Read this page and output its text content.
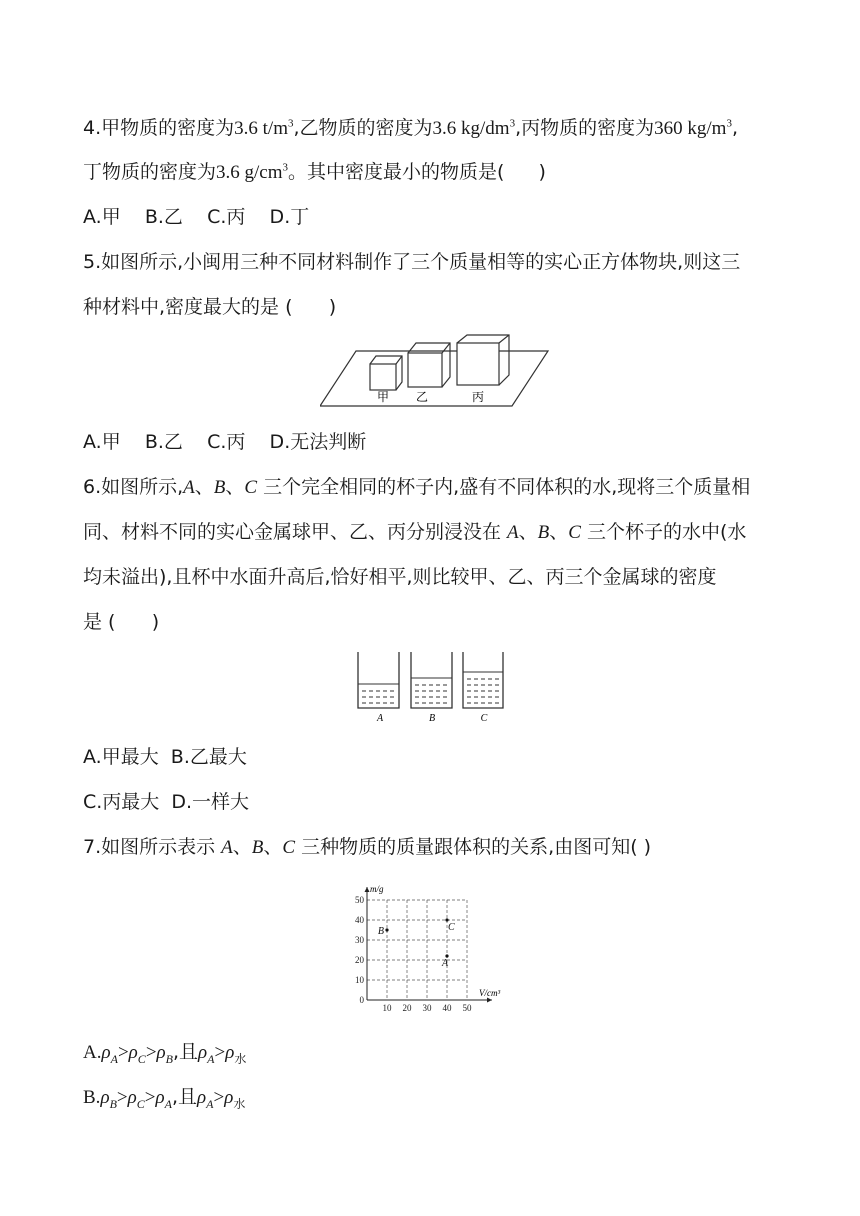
4.甲物质的密度为3.6 $t/m^3$,乙物质的密度为3.6 $kg/dm^3$,丙物质的密度为360 $kg/m^3$,
丁物质的密度为3.6 $g/cm^3$。其中密度最小的物质是( )
A.甲    B.乙    C.丙    D.丁
5.如图所示,小闽用三种不同材料制作了三个质量相等的实心正方体物块,则这三
种材料中,密度最大的是 (      )
甲 乙	丙
A.甲    B.乙    C.丙    D.无法判断
6.如图所示,A、B、C 三个完全相同的杯子内,盛有不同体积的水,现将三个质量相
同、材料不同的实心金属球甲、乙、丙分别浸没在 A、B、C 三个杯子的水中(水
均未溢出),且杯中水面升高后,恰好相平,则比较甲、乙、丙三个金属球的密度
是 (      )
A	B	C
A.甲最大  B.乙最大
C.丙最大  D.一样大
7.如图所示表示 A、B、C 三种物质的质量跟体积的关系,由图可知( )
10 20 30 40 50
0
10
20
30
40
50
A
B	C
m/g
V/cm³
$A.\rho_A>\rho_C>\rho_B$,且$\rho_A>\rho_水$
$B.\rho_B>\rho_C>\rho_A$,且$\rho_A>\rho_水$
